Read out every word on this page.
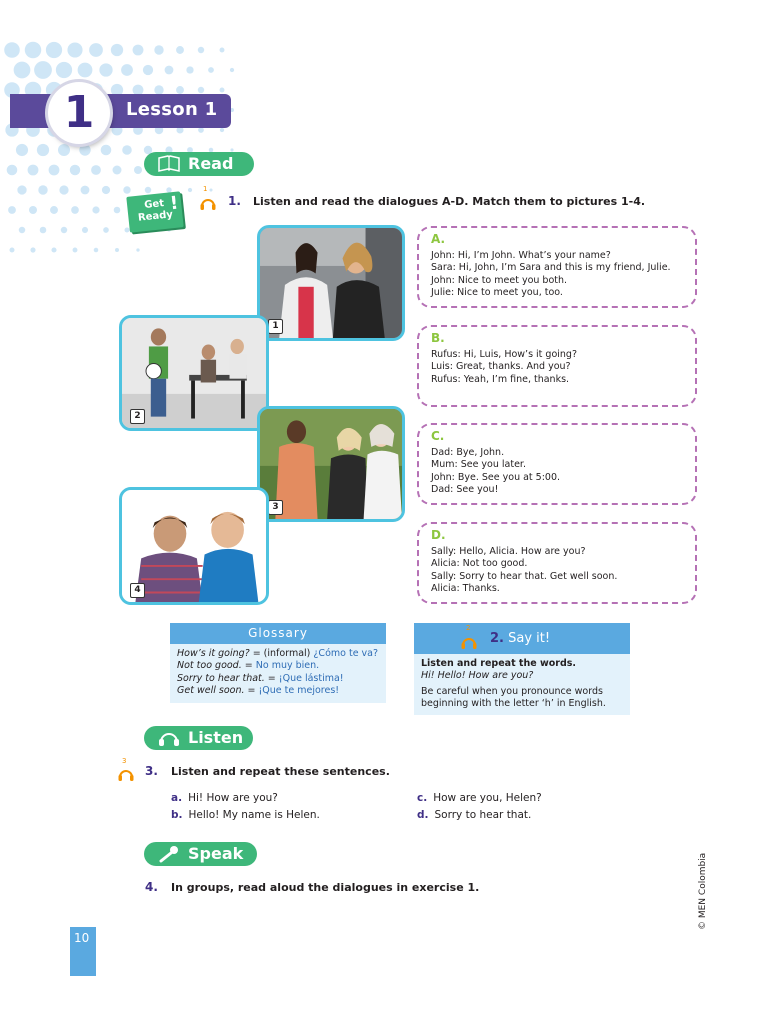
1	Lesson 1
Read
Get
Ready
!
1
1. Listen and read the dialogues A-D. Match them to pictures 1-4.
1
2
3
4
A.
John: Hi, I’m John. What’s your name?
Sara: Hi, John, I’m Sara and this is my friend, Julie.
John: Nice to meet you both.
Julie: Nice to meet you, too.
B.
Rufus: Hi, Luis, How’s it going?
Luis: Great, thanks. And you?
Rufus: Yeah, I’m fine, thanks.
C.
Dad: Bye, John.
Mum: See you later.
John: Bye. See you at 5:00.
Dad: See you!
D.
Sally: Hello, Alicia. How are you?
Alicia: Not too good.
Sally: Sorry to hear that. Get well soon.
Alicia: Thanks.
Glossary
How’s it going? = (informal) ¿Cómo te va?
Not too good. = No muy bien.
Sorry to hear that. = ¡Que lástima!
Get well soon. = ¡Que te mejores!
2
2. Say it!
Listen and repeat the words.
Hi! Hello! How are you?
Be careful when you pronounce words
beginning with the letter ‘h’ in English.
Listen
3
3. Listen and repeat these sentences.
a. Hi! How are you?
b. Hello! My name is Helen.
c. How are you, Helen?
d. Sorry to hear that.
Speak
4. In groups, read aloud the dialogues in exercise 1.
10
© MEN Colombia
